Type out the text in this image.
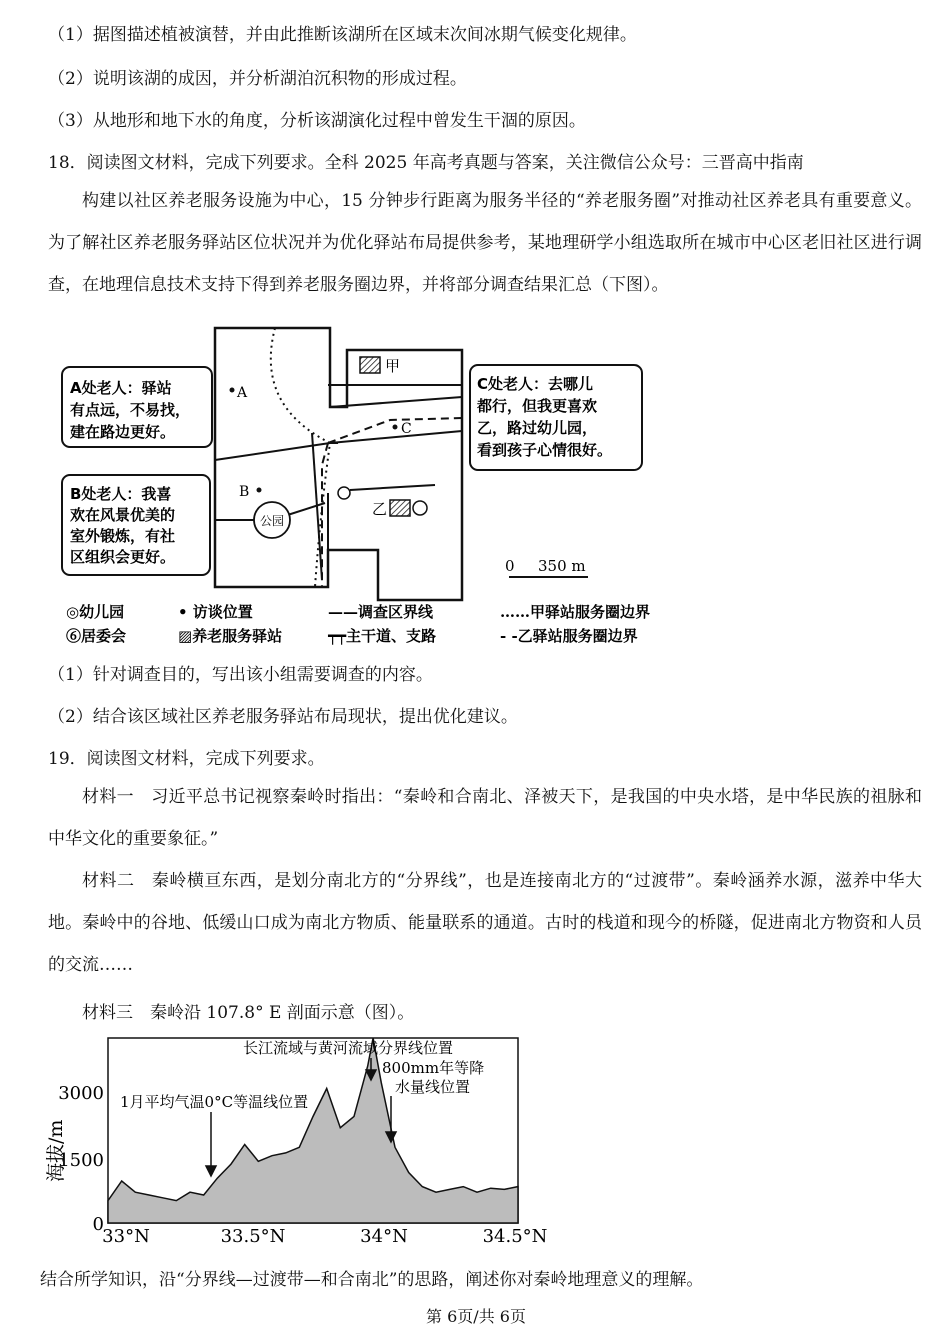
（1）据图描述植被演替，并由此推断该湖所在区域末次间冰期气候变化规律。
（2）说明该湖的成因，并分析湖泊沉积物的形成过程。
（3）从地形和地下水的角度，分析该湖演化过程中曾发生干涸的原因。
18．阅读图文材料，完成下列要求。全科 2025 年高考真题与答案，关注微信公众号：三晋高中指南
构建以社区养老服务设施为中心，15 分钟步行距离为服务半径的“养老服务圈”对推动社区养老具有重要意义。为了解社区养老服务驿站区位状况并为优化驿站布局提供参考，某地理研学小组选取所在城市中心区老旧社区进行调查，在地理信息技术支持下得到养老服务圈边界，并将部分调查结果汇总（下图）。
甲
乙
A
B
C
公园
A处老人：驿站
有点远，不易找，
建在路边更好。
B处老人：我喜
欢在风景优美的
室外锻炼，有社
区组织会更好。
C处老人：去哪儿
都行，但我更喜欢
乙，路过幼儿园，
看到孩子心情很好。
0 350 m
◎幼儿园	• 访谈位置	——调查区界线	……甲驿站服务圈边界
⑥居委会	▨养老服务驿站	┯┯主干道、支路	- -乙驿站服务圈边界
（1）针对调查目的，写出该小组需要调查的内容。
（2）结合该区域社区养老服务驿站布局现状，提出优化建议。
19．阅读图文材料，完成下列要求。
材料一　习近平总书记视察秦岭时指出：“秦岭和合南北、泽被天下，是我国的中央水塔，是中华民族的祖脉和中华文化的重要象征。”
材料二　秦岭横亘东西，是划分南北方的“分界线”，也是连接南北方的“过渡带”。秦岭涵养水源，滋养中华大地。秦岭中的谷地、低缓山口成为南北方物质、能量联系的通道。古时的栈道和现今的桥隧，促进南北方物资和人员的交流……
材料三　秦岭沿 107.8° E 剖面示意（图）。
海拔/m
0
1500
3000
33°N	33.5°N	34°N	34.5°N
1月平均气温0°C等温线位置
长江流域与黄河流域分界线位置
800mm年等降
水量线位置
结合所学知识，沿“分界线—过渡带—和合南北”的思路，阐述你对秦岭地理意义的理解。
第 6页/共 6页
